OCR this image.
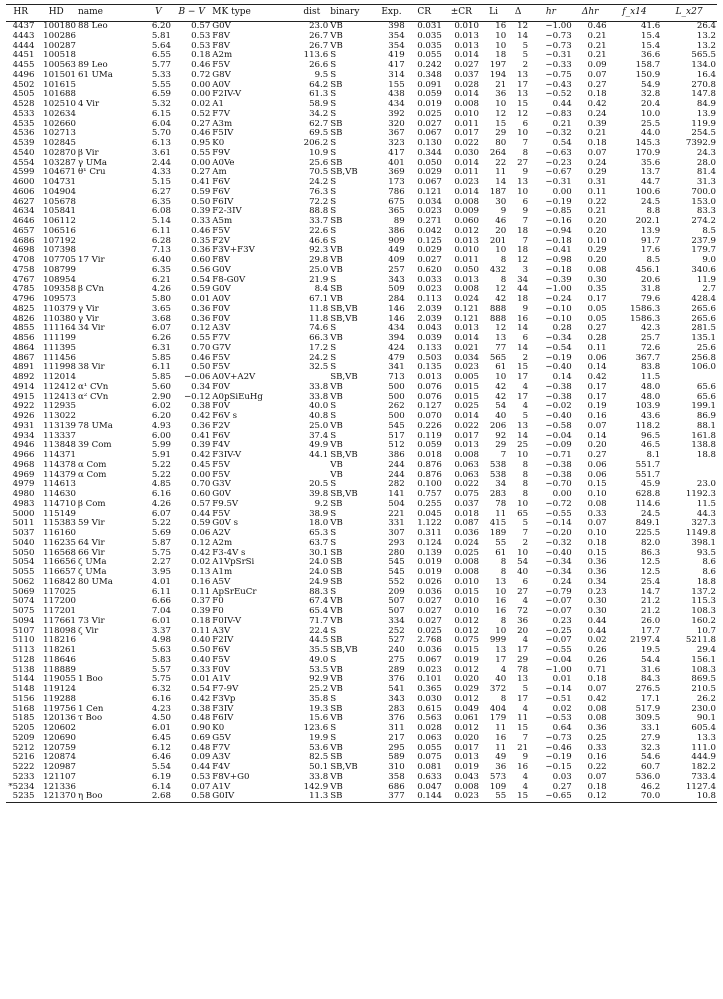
HR	HD	name	V	B − V	MK type	dist	binary	Exp.	CR	±CR	Li	Δ	hr	Δhr	f_x14	L_x27
4437	100180	88 Leo	6.20	0.57	G0V	23.0	VB	398	0.031	0.010	16	12	−1.00	0.46	41.6	26.4
4443	100286		5.81	0.53	F8V	26.7	VB	354	0.035	0.013	10	14	−0.73	0.21	15.4	13.2
4444	100287		5.64	0.53	F8V	26.7	VB	354	0.035	0.013	10	5	−0.73	0.21	15.4	13.2
4451	100518		6.55	0.18	A2m	113.6	S	419	0.055	0.014	18	5	−0.31	0.21	36.6	565.5
4455	100563	89 Leo	5.77	0.46	F5V	26.6	S	417	0.242	0.027	197	2	−0.33	0.09	158.7	134.0
4496	101501	61 UMa	5.33	0.72	G8V	9.5	S	314	0.348	0.037	194	13	−0.75	0.07	150.9	16.4
4502	101615		5.55	0.00	A0V	64.2	SB	155	0.091	0.028	21	17	−0.43	0.27	54.9	270.8
4505	101688		6.59	0.00	F2IV-V	61.3	S	438	0.059	0.014	36	13	−0.52	0.18	32.8	147.8
4528	102510	4 Vir	5.32	0.02	A1	58.9	S	434	0.019	0.008	10	15	0.44	0.42	20.4	84.9
4533	102634		6.15	0.52	F7V	34.2	S	392	0.025	0.010	12	12	−0.83	0.24	10.0	13.9
4535	102660		6.04	0.27	A3m	62.7	SB	320	0.027	0.011	15	6	0.21	0.39	25.5	119.9
4536	102713		5.70	0.46	F5IV	69.5	SB	367	0.067	0.017	29	10	−0.32	0.21	44.0	254.5
4539	102845		6.13	0.95	K0	206.2	S	323	0.130	0.022	80	7	0.54	0.18	145.3	7392.9
4540	102870	β Vir	3.61	0.55	F9V	10.9	S	417	0.344	0.030	264	8	−0.63	0.07	170.9	24.3
4554	103287	γ UMa	2.44	0.00	A0Ve	25.6	SB	401	0.050	0.014	22	27	−0.23	0.24	35.6	28.0
4599	104671	θ¹ Cru	4.33	0.27	Am	70.5	SB,VB	369	0.029	0.011	11	9	−0.67	0.29	13.7	81.4
4600	104731		5.15	0.41	F6V	24.2	S	173	0.067	0.023	14	13	−0.31	0.31	44.7	31.3
4606	104904		6.27	0.59	F6V	76.3	S	786	0.121	0.014	187	10	0.00	0.11	100.6	700.0
4627	105678		6.35	0.50	F6IV	72.2	S	675	0.034	0.008	30	6	−0.19	0.22	24.5	153.0
4634	105841		6.08	0.39	F2-3IV	88.8	S	365	0.023	0.009	9	9	−0.85	0.21	8.8	83.3
4646	106112		5.14	0.33	A5m	33.7	SB	89	0.271	0.060	46	7	−0.16	0.20	202.1	274.2
4657	106516		6.11	0.46	F5V	22.6	S	386	0.042	0.012	20	18	−0.94	0.20	13.9	8.5
4686	107192		6.28	0.35	F2V	46.6	S	909	0.125	0.013	201	7	−0.18	0.10	91.7	237.9
4698	107398		7.13	0.36	F3V+F3V	92.3	VB	449	0.029	0.010	10	18	−0.41	0.29	17.6	179.7
4708	107705	17 Vir	6.40	0.60	F8V	29.8	VB	409	0.027	0.011	8	12	−0.98	0.20	8.5	9.0
4758	108799		6.35	0.56	G0V	25.0	VB	257	0.620	0.050	432	3	−0.18	0.08	456.1	340.6
4767	108954		6.21	0.54	F8-G0V	21.9	S	343	0.033	0.013	8	34	−0.39	0.30	20.6	11.9
4785	109358	β CVn	4.26	0.59	G0V	8.4	SB	509	0.023	0.008	12	44	−1.00	0.35	31.8	2.7
4796	109573		5.80	0.01	A0V	67.1	VB	284	0.113	0.024	42	18	−0.24	0.17	79.6	428.4
4825	110379	γ Vir	3.65	0.36	F0V	11.8	SB,VB	146	2.039	0.121	888	9	−0.10	0.05	1586.3	265.6
4826	110380	γ Vir	3.68	0.36	F0V	11.8	SB,VB	146	2.039	0.121	888	16	−0.10	0.05	1586.3	265.6
4855	111164	34 Vir	6.07	0.12	A3V	74.6	S	434	0.043	0.013	12	14	0.28	0.27	42.3	281.5
4856	111199		6.26	0.55	F7V	66.3	VB	394	0.039	0.014	13	6	−0.34	0.28	25.7	135.1
4864	111395		6.31	0.70	G7V	17.2	S	424	0.133	0.021	77	14	−0.54	0.11	72.6	25.6
4867	111456		5.85	0.46	F5V	24.2	S	479	0.503	0.034	565	2	−0.19	0.06	367.7	256.8
4891	111998	38 Vir	6.11	0.50	F5V	32.5	S	341	0.135	0.023	61	15	−0.40	0.14	83.8	106.0
4892	112014		5.85	−0.06	A0V+A2V		SB,VB	713	0.013	0.005	10	17	0.14	0.42	11.5	
4914	112412	α¹ CVn	5.60	0.34	F0V	33.8	VB	500	0.076	0.015	42	4	−0.38	0.17	48.0	65.6
4915	112413	α² CVn	2.90	−0.12	A0pSiEuHg	33.8	VB	500	0.076	0.015	42	17	−0.38	0.17	48.0	65.6
4922	112935		6.02	0.38	F0V	40.0	S	262	0.127	0.025	54	4	−0.02	0.19	103.9	199.1
4926	113022		6.20	0.42	F6V s	40.8	S	500	0.070	0.014	40	5	−0.40	0.16	43.6	86.9
4931	113139	78 UMa	4.93	0.36	F2V	25.0	VB	545	0.226	0.022	206	13	−0.58	0.07	118.2	88.1
4934	113337		6.00	0.41	F6V	37.4	S	517	0.119	0.017	92	14	−0.04	0.14	96.5	161.8
4946	113848	39 Com	5.99	0.39	F4V	49.9	VB	512	0.059	0.013	29	25	−0.09	0.20	46.5	138.8
4966	114371		5.91	0.42	F3IV-V	44.1	SB,VB	386	0.018	0.008	7	10	−0.71	0.27	8.1	18.8
4968	114378	α Com	5.22	0.45	F5V		VB	244	0.876	0.063	538	8	−0.38	0.06	551.7	
4969	114379	α Com	5.22	0.00	F5V		VB	244	0.876	0.063	538	8	−0.38	0.06	551.7	
4979	114613		4.85	0.70	G3V	20.5	S	282	0.100	0.022	34	8	−0.70	0.15	45.9	23.0
4980	114630		6.16	0.60	G0V	39.8	SB,VB	141	0.757	0.075	283	8	0.00	0.10	628.8	1192.3
4983	114710	β Com	4.26	0.57	F9.5V	9.2	SB	504	0.255	0.037	78	10	−0.72	0.08	114.6	11.5
5000	115149		6.07	0.44	F5V	38.9	S	221	0.045	0.018	11	65	−0.55	0.33	24.5	44.3
5011	115383	59 Vir	5.22	0.59	G0V s	18.0	VB	331	1.122	0.087	415	5	−0.14	0.07	849.1	327.3
5037	116160		5.69	0.06	A2V	65.3	S	307	0.311	0.036	189	7	−0.20	0.10	225.5	1149.8
5040	116235	64 Vir	5.87	0.12	A2m	63.7	S	293	0.124	0.024	55	2	−0.32	0.18	82.0	398.1
5050	116568	66 Vir	5.75	0.42	F3-4V s	30.1	SB	280	0.139	0.025	61	10	−0.40	0.15	86.3	93.5
5054	116656	ζ UMa	2.27	0.02	A1VpSrSi	24.0	SB	545	0.019	0.008	8	54	−0.34	0.36	12.5	8.6
5055	116657	ζ UMa	3.95	0.13	A1m	24.0	SB	545	0.019	0.008	8	40	−0.34	0.36	12.5	8.6
5062	116842	80 UMa	4.01	0.16	A5V	24.9	SB	552	0.026	0.010	13	6	0.24	0.34	25.4	18.8
5069	117025		6.11	0.11	ApSrEuCr	88.3	S	209	0.036	0.015	10	27	−0.79	0.23	14.7	137.2
5074	117200		6.66	0.37	F0	67.4	VB	507	0.027	0.010	16	4	−0.07	0.30	21.2	115.3
5075	117201		7.04	0.39	F0	65.4	VB	507	0.027	0.010	16	72	−0.07	0.30	21.2	108.3
5094	117661	73 Vir	6.01	0.18	F0IV-V	71.7	VB	334	0.027	0.012	8	36	0.23	0.44	26.0	160.2
5107	118098	ζ Vir	3.37	0.11	A3V	22.4	S	252	0.025	0.012	10	20	−0.25	0.44	17.7	10.7
5110	118216		4.98	0.40	F2IV	44.5	SB	527	2.768	0.075	999	4	−0.07	0.02	2197.4	5211.8
5113	118261		5.63	0.50	F6V	35.5	SB,VB	240	0.036	0.015	13	17	−0.55	0.26	19.5	29.4
5128	118646		5.83	0.40	F5V	49.0	S	275	0.067	0.019	17	29	−0.04	0.26	54.4	156.1
5138	118889		5.57	0.33	F0V	53.5	VB	289	0.023	0.012	4	78	−1.00	0.71	31.6	108.3
5144	119055	1 Boo	5.75	0.01	A1V	92.9	VB	376	0.101	0.020	40	13	0.01	0.18	84.3	869.5
5148	119124		6.32	0.54	F7-9V	25.2	VB	541	0.365	0.029	372	5	−0.14	0.07	276.5	210.5
5156	119288		6.16	0.42	F3Vp	35.8	S	343	0.030	0.012	8	17	−0.51	0.42	17.1	26.2
5168	119756	1 Cen	4.23	0.38	F3IV	19.3	SB	283	0.615	0.049	404	4	0.02	0.08	517.9	230.0
5185	120136	τ Boo	4.50	0.48	F6IV	15.6	VB	376	0.563	0.061	179	11	−0.53	0.08	309.5	90.1
5205	120602		6.01	0.90	K0	123.6	S	311	0.028	0.012	11	15	0.64	0.36	33.1	605.4
5209	120690		6.45	0.69	G5V	19.9	S	217	0.063	0.020	16	7	−0.73	0.25	27.9	13.3
5212	120759		6.12	0.48	F7V	53.6	VB	295	0.055	0.017	11	21	−0.46	0.33	32.3	111.0
5216	120874		6.46	0.09	A3V	82.5	SB	589	0.075	0.013	49	9	−0.19	0.16	54.6	444.9
5222	120987		5.54	0.44	F4V	50.1	SB,VB	310	0.081	0.019	36	16	−0.15	0.22	60.7	182.2
5233	121107		6.19	0.53	F8V+G0	33.8	VB	358	0.633	0.043	573	4	0.03	0.07	536.0	733.4
*5234	121336		6.14	0.07	A1V	142.9	VB	686	0.047	0.008	109	4	0.27	0.18	46.2	1127.4
5235	121370	η Boo	2.68	0.58	G0IV	11.3	SB	377	0.144	0.023	55	15	−0.65	0.12	70.0	10.8
